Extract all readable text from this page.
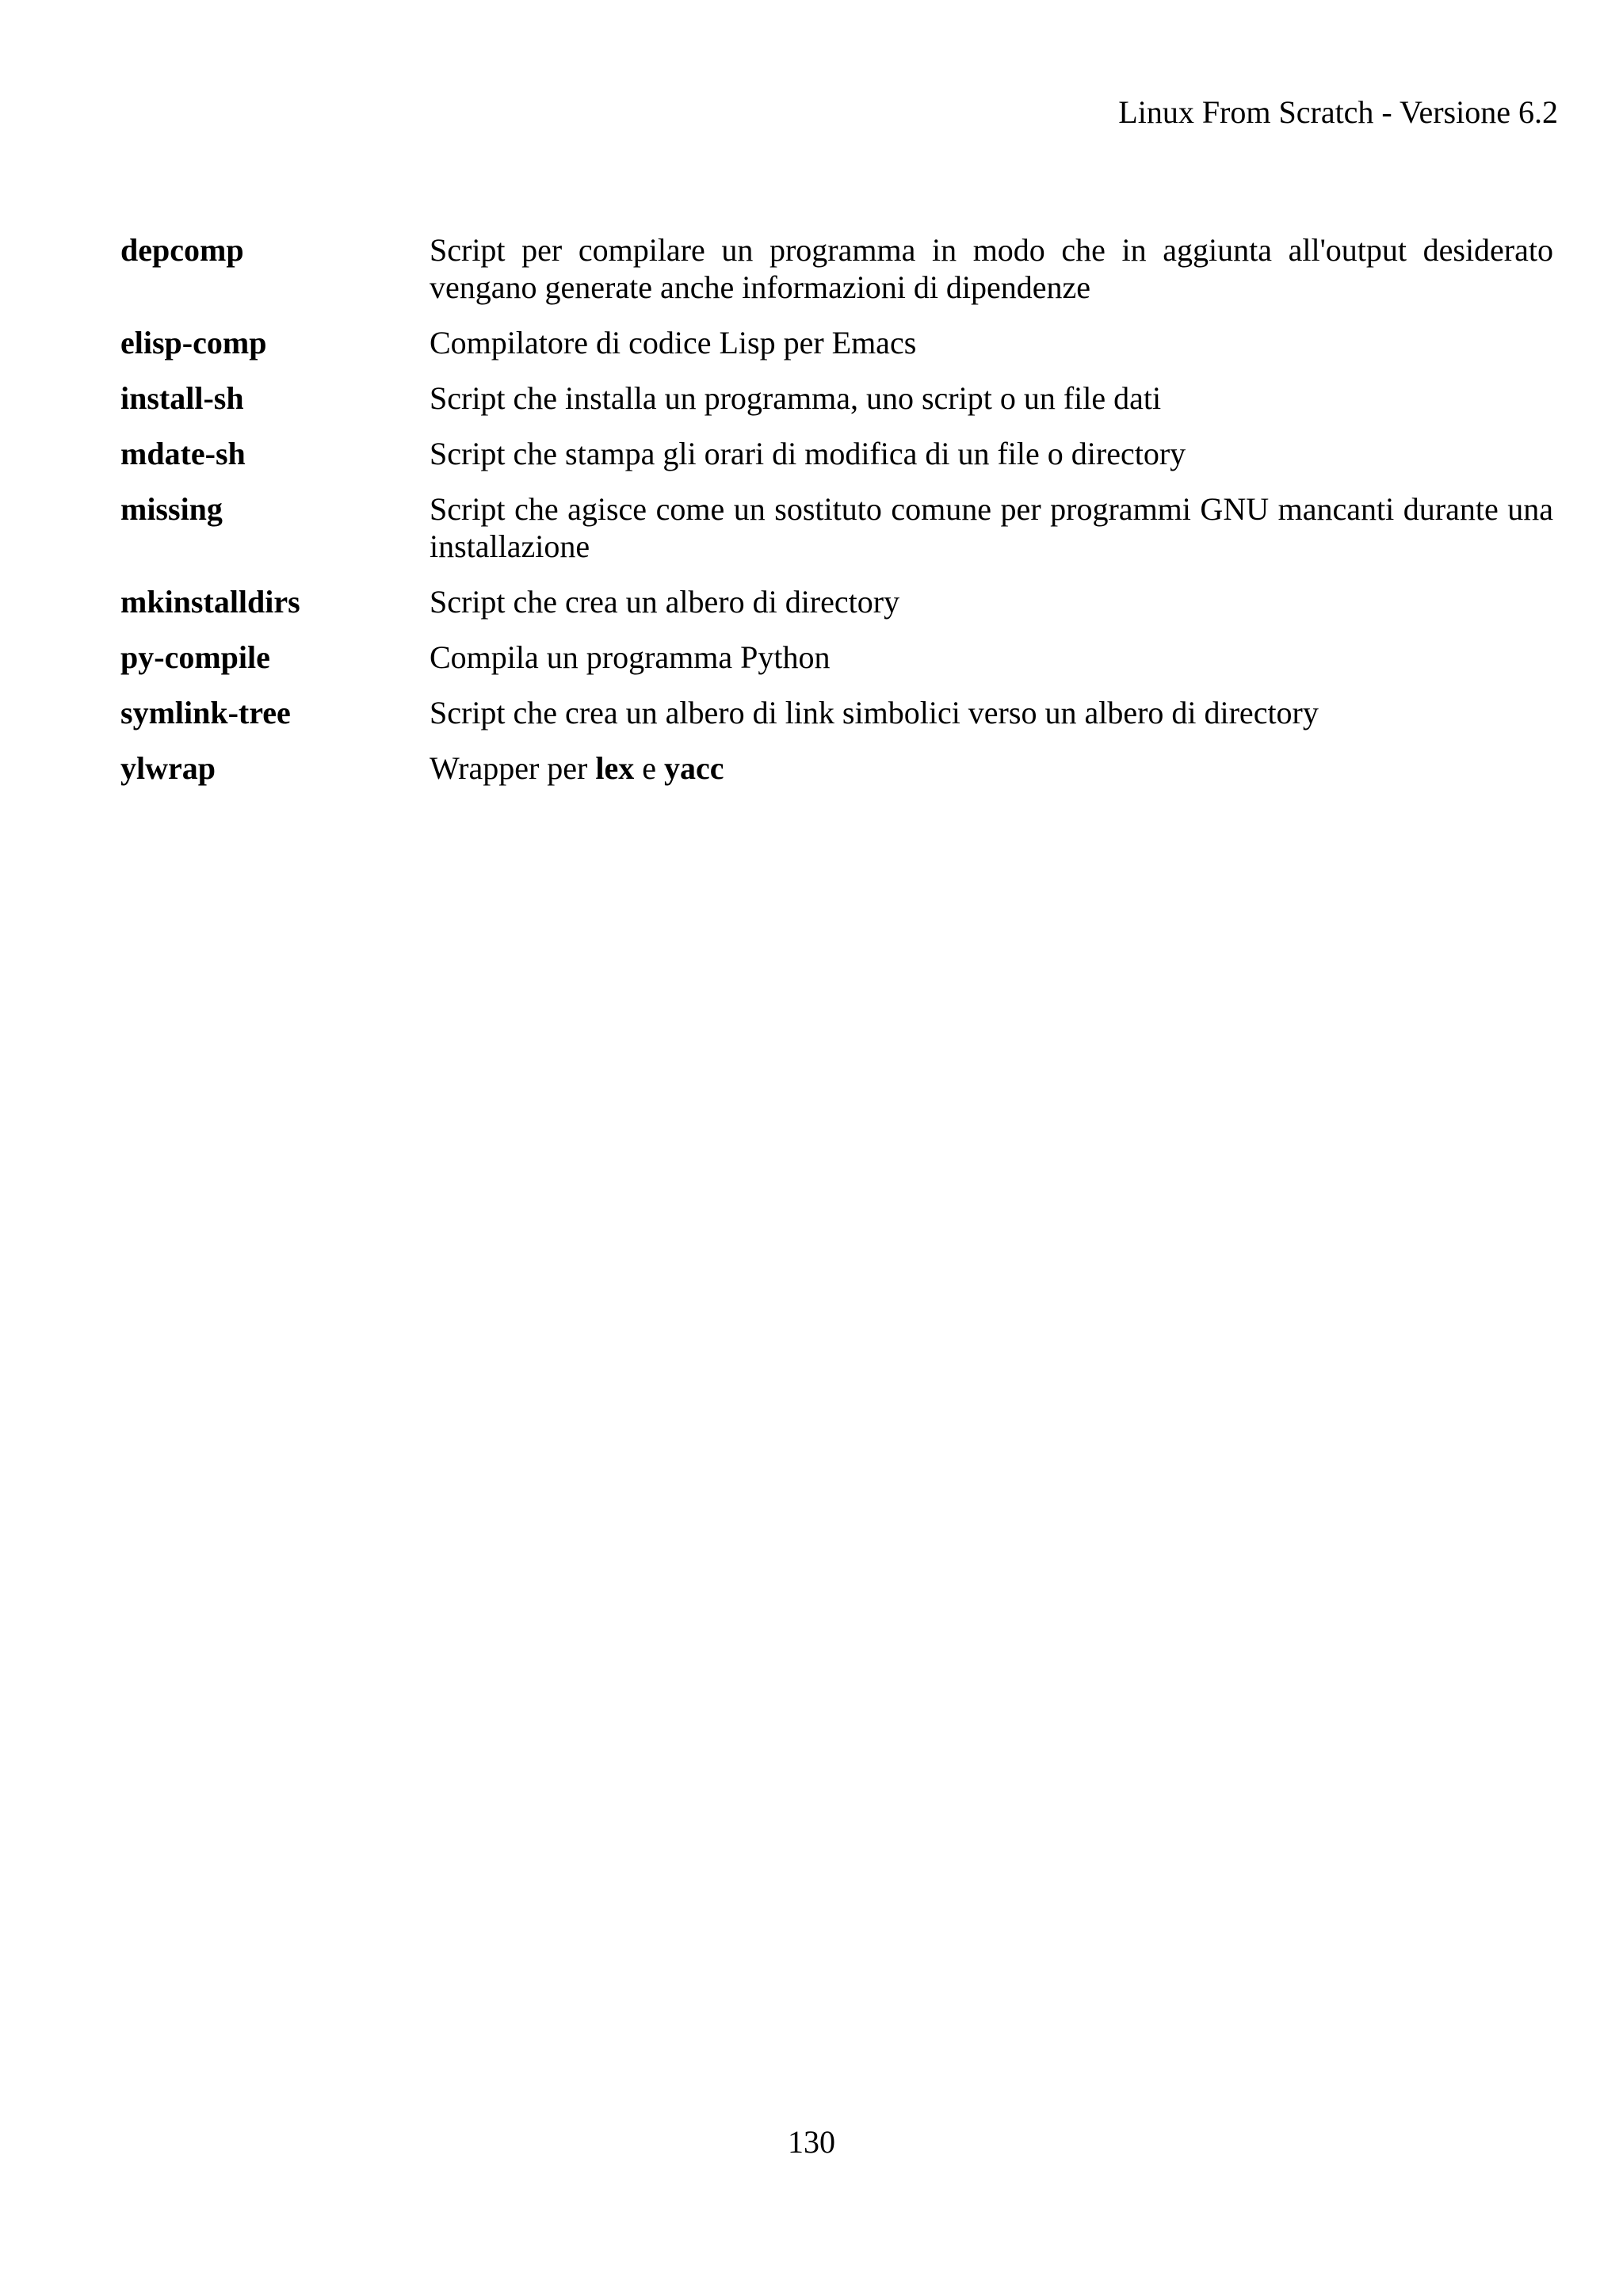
Linux From Scratch - Versione 6.2
depcomp	Script per compilare un programma in modo che in aggiunta all'output desiderato vengano generate anche informazioni di dipendenze
elisp-comp	Compilatore di codice Lisp per Emacs
install-sh	Script che installa un programma, uno script o un file dati
mdate-sh	Script che stampa gli orari di modifica di un file o directory
missing	Script che agisce come un sostituto comune per programmi GNU mancanti durante una installazione
mkinstalldirs	Script che crea un albero di directory
py-compile	Compila un programma Python
symlink-tree	Script che crea un albero di link simbolici verso un albero di directory
ylwrap	Wrapper per lex e yacc
130
